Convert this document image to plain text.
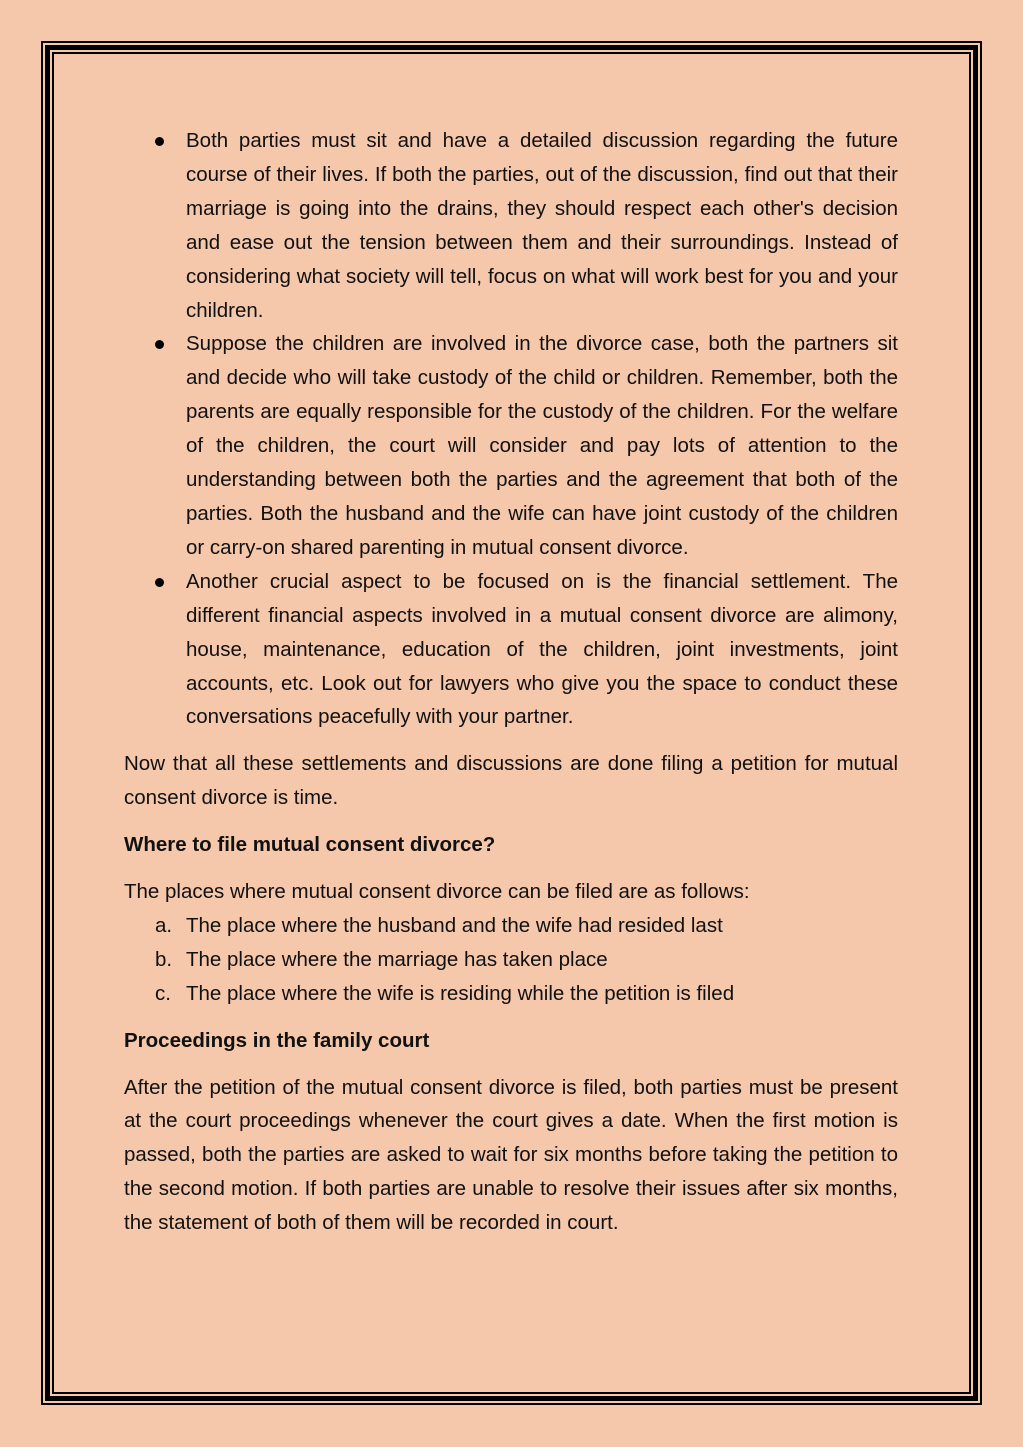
Both parties must sit and have a detailed discussion regarding the future course of their lives. If both the parties, out of the discussion, find out that their marriage is going into the drains, they should respect each other's decision and ease out the tension between them and their surroundings. Instead of considering what society will tell, focus on what will work best for you and your children.
Suppose the children are involved in the divorce case, both the partners sit and decide who will take custody of the child or children. Remember, both the parents are equally responsible for the custody of the children. For the welfare of the children, the court will consider and pay lots of attention to the understanding between both the parties and the agreement that both of the parties. Both the husband and the wife can have joint custody of the children or carry-on shared parenting in mutual consent divorce.
Another crucial aspect to be focused on is the financial settlement. The different financial aspects involved in a mutual consent divorce are alimony, house, maintenance, education of the children, joint investments, joint accounts, etc. Look out for lawyers who give you the space to conduct these conversations peacefully with your partner.

Now that all these settlements and discussions are done filing a petition for mutual consent divorce is time.

Where to file mutual consent divorce?

The places where mutual consent divorce can be filed are as follows:

a. The place where the husband and the wife had resided last
b. The place where the marriage has taken place
c. The place where the wife is residing while the petition is filed

Proceedings in the family court

After the petition of the mutual consent divorce is filed, both parties must be present at the court proceedings whenever the court gives a date. When the first motion is passed, both the parties are asked to wait for six months before taking the petition to the second motion. If both parties are unable to resolve their issues after six months, the statement of both of them will be recorded in court.
